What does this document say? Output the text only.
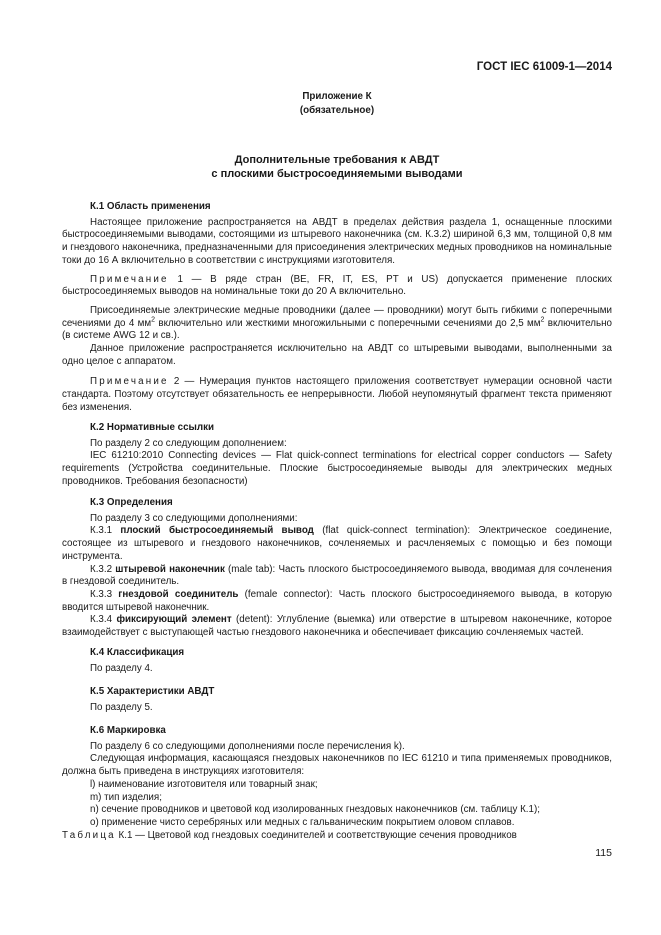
ГОСТ IEC 61009-1—2014
Приложение К
(обязательное)
Дополнительные требования к АВДТ
с плоскими быстросоединяемыми выводами
К.1 Область применения

Настоящее приложение распространяется на АВДТ в пределах действия раздела 1, оснащенные плоскими быстросоединяемыми выводами, состоящими из штыревого наконечника (см. К.3.2) шириной 6,3 мм, толщиной 0,8 мм и гнездового наконечника, предназначенными для присоединения электрических медных проводников на номинальные токи до 16 А включительно в соответствии с инструкциями изготовителя.

Примечание 1 — В ряде стран (BE, FR, IT, ES, PT и US) допускается применение плоских быстросоединяемых выводов на номинальные токи до 20 А включительно.

Присоединяемые электрические медные проводники (далее — проводники) могут быть гибкими с поперечными сечениями до 4 $мм^2$ включительно или жесткими многожильными с поперечными сечениями до 2,5 $мм^2$ включительно (в системе AWG 12 и св.).

Данное приложение распространяется исключительно на АВДТ со штыревыми выводами, выполненными за одно целое с аппаратом.

Примечание 2 — Нумерация пунктов настоящего приложения соответствует нумерации основной части стандарта. Поэтому отсутствует обязательность ее непрерывности. Любой неупомянутый фрагмент текста применяют без изменения.

К.2 Нормативные ссылки

По разделу 2 со следующим дополнением:

IEC 61210:2010 Connecting devices — Flat quick-connect terminations for electrical copper conductors — Safety requirements (Устройства соединительные. Плоские быстросоединяемые выводы для электрических медных проводников. Требования безопасности)

К.3 Определения

По разделу 3 со следующими дополнениями:

К.3.1 плоский быстросоединяемый вывод (flat quick-connect termination): Электрическое соединение, состоящее из штыревого и гнездового наконечников, сочленяемых и расчленяемых с помощью и без помощи инструмента.

К.3.2 штыревой наконечник (male tab): Часть плоского быстросоединяемого вывода, вводимая для сочленения в гнездовой соединитель.

К.3.3 гнездовой соединитель (female connector): Часть плоского быстросоединяемого вывода, в которую вводится штыревой наконечник.

К.3.4 фиксирующий элемент (detent): Углубление (выемка) или отверстие в штыревом наконечнике, которое взаимодействует с выступающей частью гнездового наконечника и обеспечивает фиксацию сочленяемых частей.

К.4 Классификация

По разделу 4.

К.5 Характеристики АВДТ

По разделу 5.

К.6 Маркировка

По разделу 6 со следующими дополнениями после перечисления k).

Следующая информация, касающаяся гнездовых наконечников по IEC 61210 и типа применяемых проводников, должна быть приведена в инструкциях изготовителя:

l) наименование изготовителя или товарный знак;

m) тип изделия;

n) сечение проводников и цветовой код изолированных гнездовых наконечников (см. таблицу К.1);

o) применение чисто серебряных или медных с гальваническим покрытием оловом сплавов.

Таблица К.1 — Цветовой код гнездовых соединителей и соответствующие сечения проводников

115
